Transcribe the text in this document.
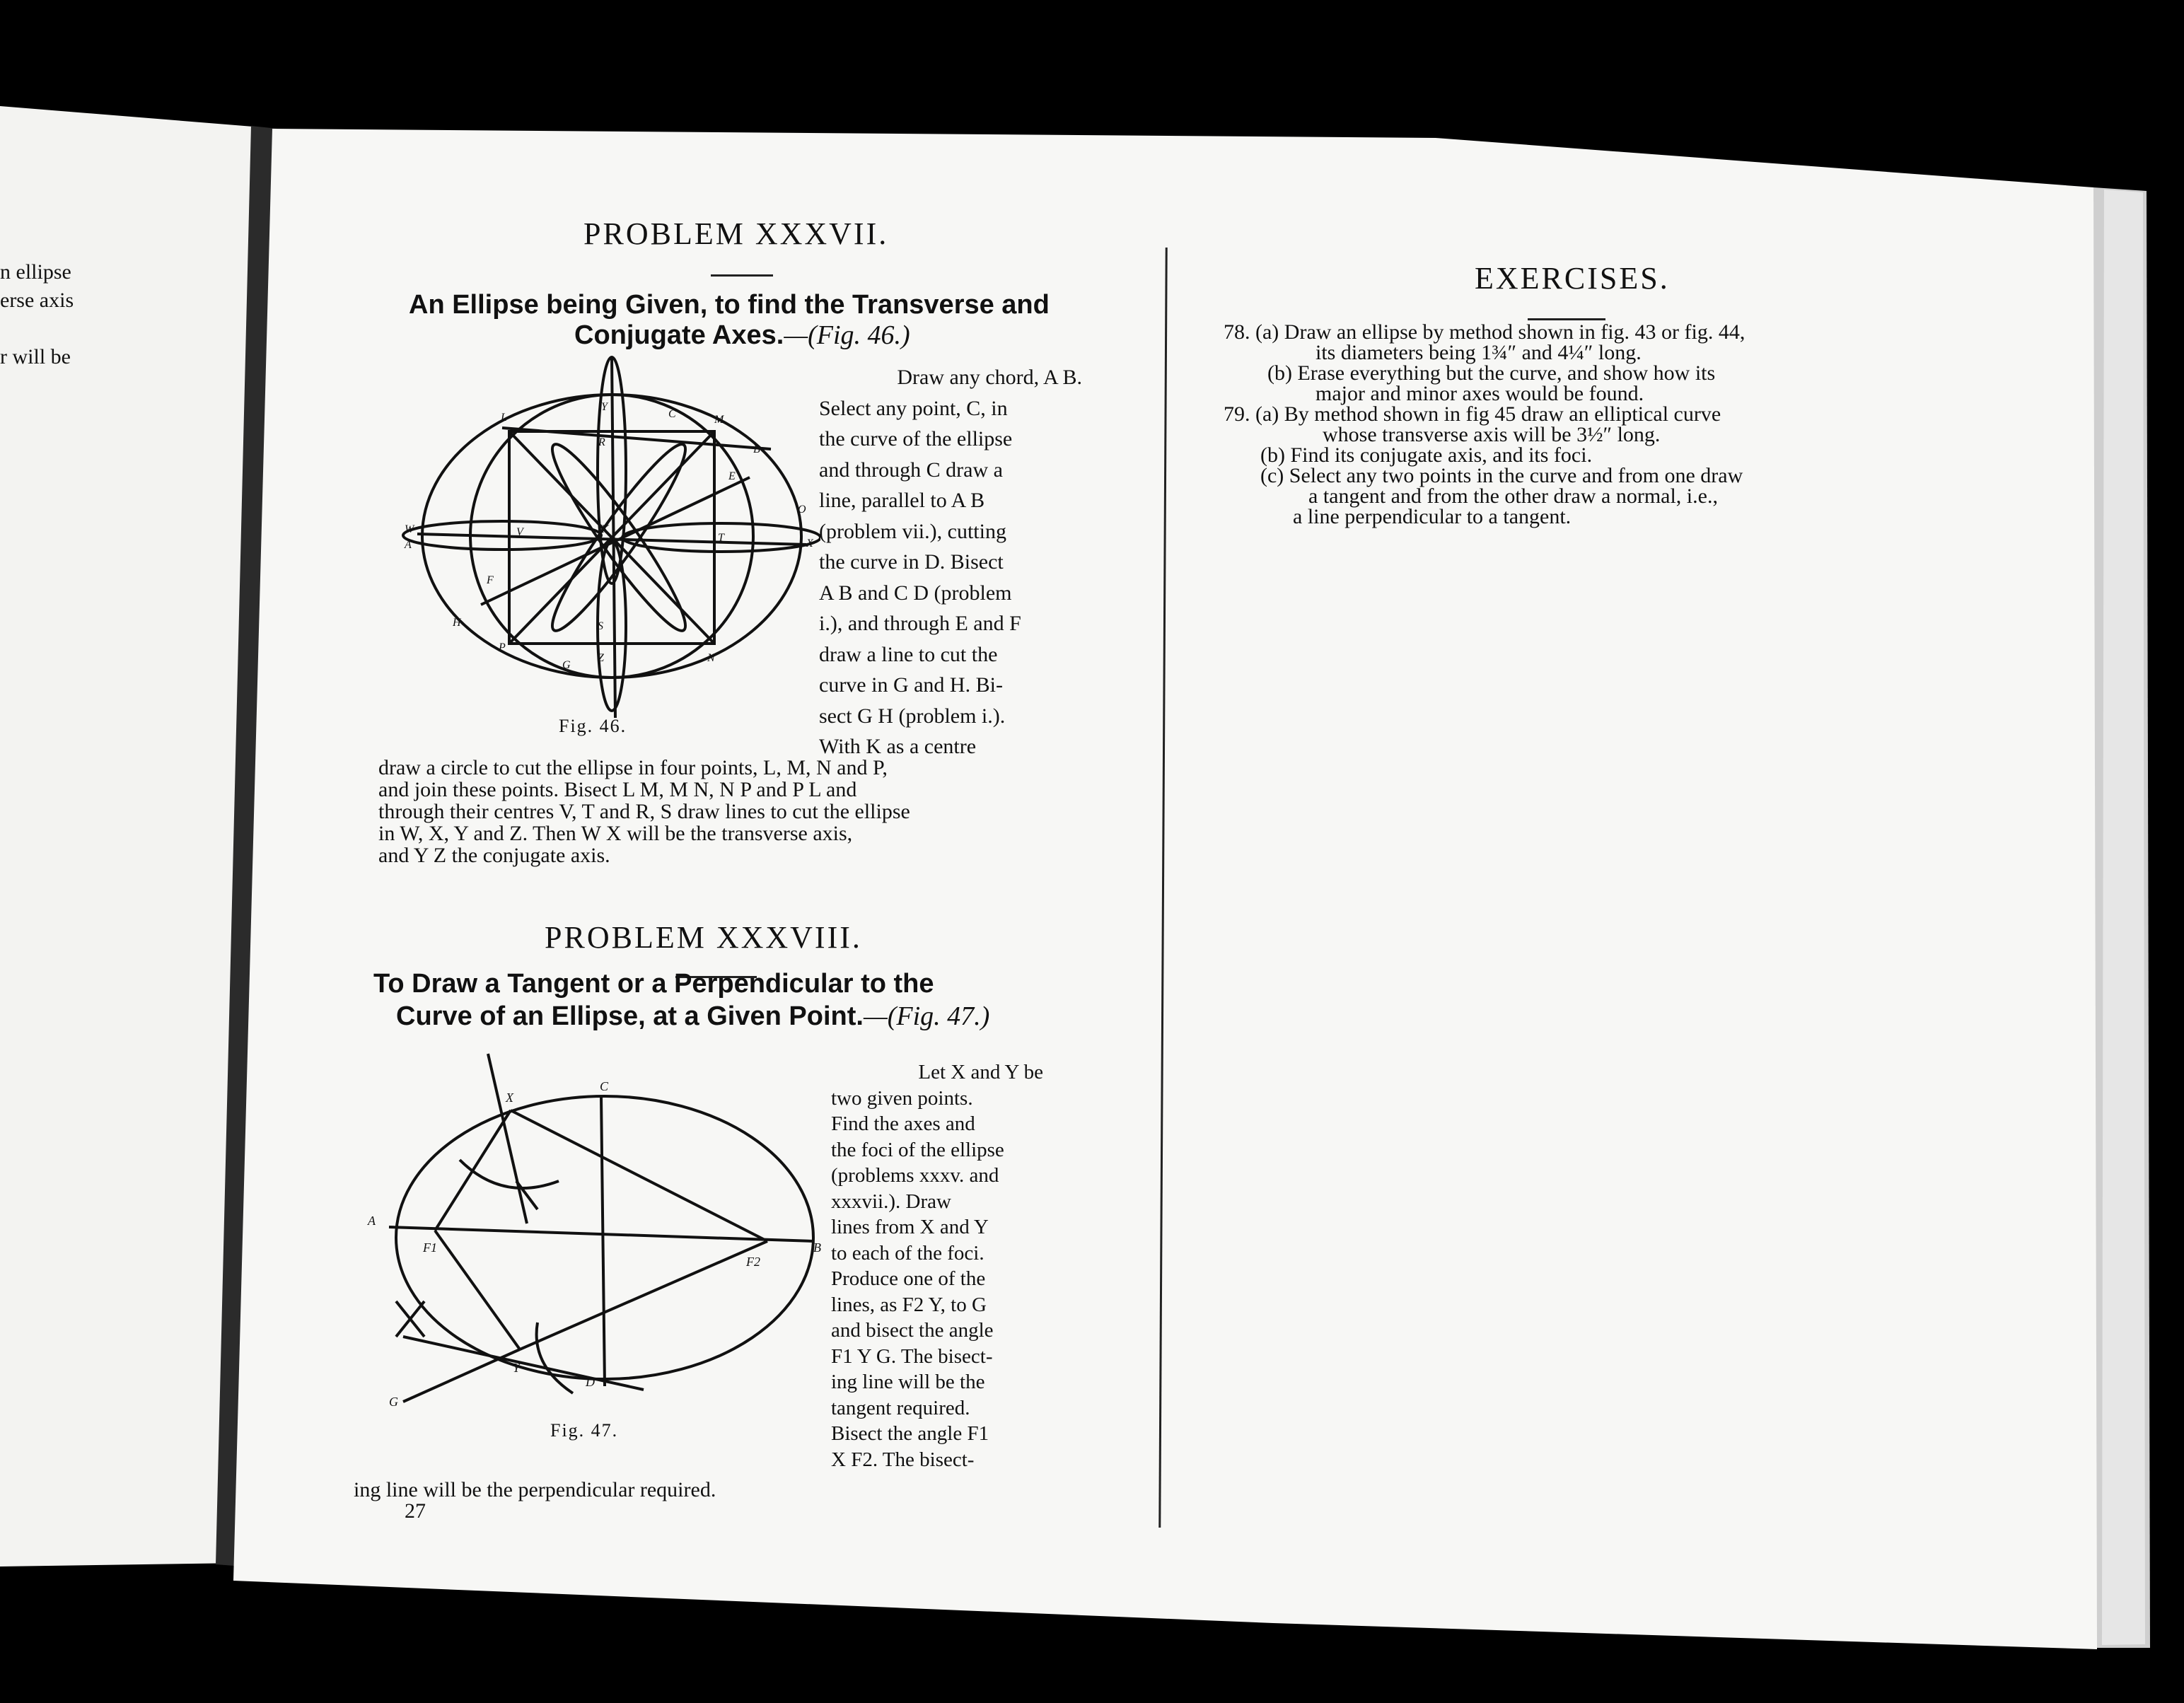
n ellipse
erse axis
r will be
PROBLEM XXXVII.
An Ellipse being Given, to find the Transverse and
Conjugate Axes.—(Fig. 46.)
L	C	M
Y
R
B
E
O
W
A
V	K
T	X
F
H	S
Z
P
G
N
Fig. 46.
Draw any chord, A B.
Select any point, C, in
the curve of the ellipse
and through C draw a
line, parallel to A B
(problem vii.), cutting
the curve in D. Bisect
A B and C D (problem
i.), and through E and F
draw a line to cut the
curve in G and H. Bi-
sect G H (problem i.).
With K as a centre
draw a circle to cut the ellipse in four points, L, M, N and P,
and join these points. Bisect L M, M N, N P and P L and
through their centres V, T and R, S draw lines to cut the ellipse
in W, X, Y and Z. Then W X will be the transverse axis,
and Y Z the conjugate axis.
PROBLEM XXXVIII.
To Draw a Tangent or a Perpendicular to the
Curve of an Ellipse, at a Given Point.—(Fig. 47.)
X
C
A
F1
F2
B
Y
D
G
Fig. 47.
Let X and Y be
two given points.
Find the axes and
the foci of the ellipse
(problems xxxv. and
xxxvii.). Draw
lines from X and Y
to each of the foci.
Produce one of the
lines, as F2 Y, to G
and bisect the angle
F1 Y G. The bisect-
ing line will be the
tangent required.
Bisect the angle F1
X F2. The bisect-
ing line will be the perpendicular required.
27
EXERCISES.
78. (a) Draw an ellipse by method shown in fig. 43 or fig. 44,
its diameters being 1¾″ and 4¼″ long.
(b) Erase everything but the curve, and show how its
major and minor axes would be found.
79. (a) By method shown in fig 45 draw an elliptical curve
whose transverse axis will be 3½″ long.
(b) Find its conjugate axis, and its foci.
(c) Select any two points in the curve and from one draw
a tangent and from the other draw a normal, i.e.,
a line perpendicular to a tangent.
